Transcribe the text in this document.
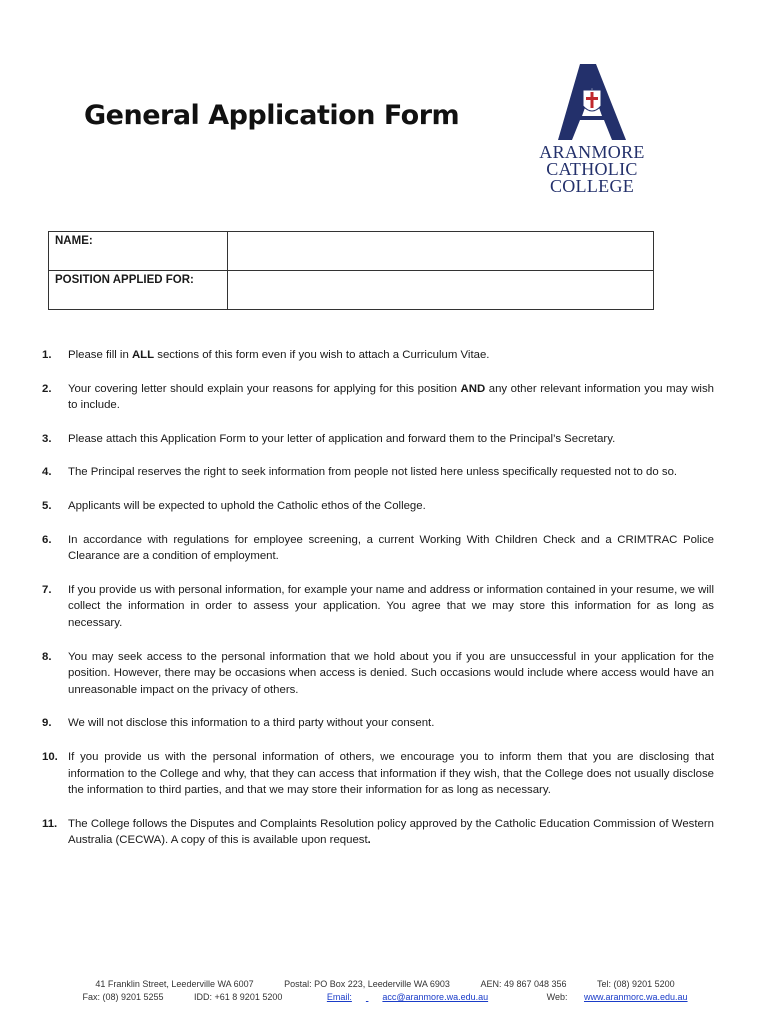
General Application Form	TRUST
ARANMORE
CATHOLIC
COLLEGE
NAME:	
POSITION APPLIED FOR:	
1. Please fill in ALL sections of this form even if you wish to attach a Curriculum Vitae.
2. Your covering letter should explain your reasons for applying for this position AND any other relevant information you may wish to include.
3. Please attach this Application Form to your letter of application and forward them to the Principal’s Secretary.
4. The Principal reserves the right to seek information from people not listed here unless specifically requested not to do so.
5. Applicants will be expected to uphold the Catholic ethos of the College.
6. In accordance with regulations for employee screening, a current Working With Children Check and a CRIMTRAC Police Clearance are a condition of employment.
7. If you provide us with personal information, for example your name and address or information contained in your resume, we will collect the information in order to assess your application. You agree that we may store this information for as long as necessary.
8. You may seek access to the personal information that we hold about you if you are unsuccessful in your application for the position. However, there may be occasions when access is denied. Such occasions would include where access would have an unreasonable impact on the privacy of others.
9. We will not disclose this information to a third party without your consent.
10. If you provide us with the personal information of others, we encourage you to inform them that you are disclosing that information to the College and why, that they can access that information if they wish, that the College does not usually disclose the information to third parties, and that we may store their information for as long as necessary.
11. The College follows the Disputes and Complaints Resolution policy approved by the Catholic Education Commission of Western Australia (CECWA). A copy of this is available upon request.
41 Franklin Street, Leederville WA 6007	Postal: PO Box 223, Leederville WA 6903	AEN: 49 867 048 356	Tel: (08) 9201 5200
Fax: (08) 9201 5255	IDD: +61 8 9201 5200	Email:	acc@aranmore.wa.edu.au	Web: www.aranmorc.wa.edu.au
